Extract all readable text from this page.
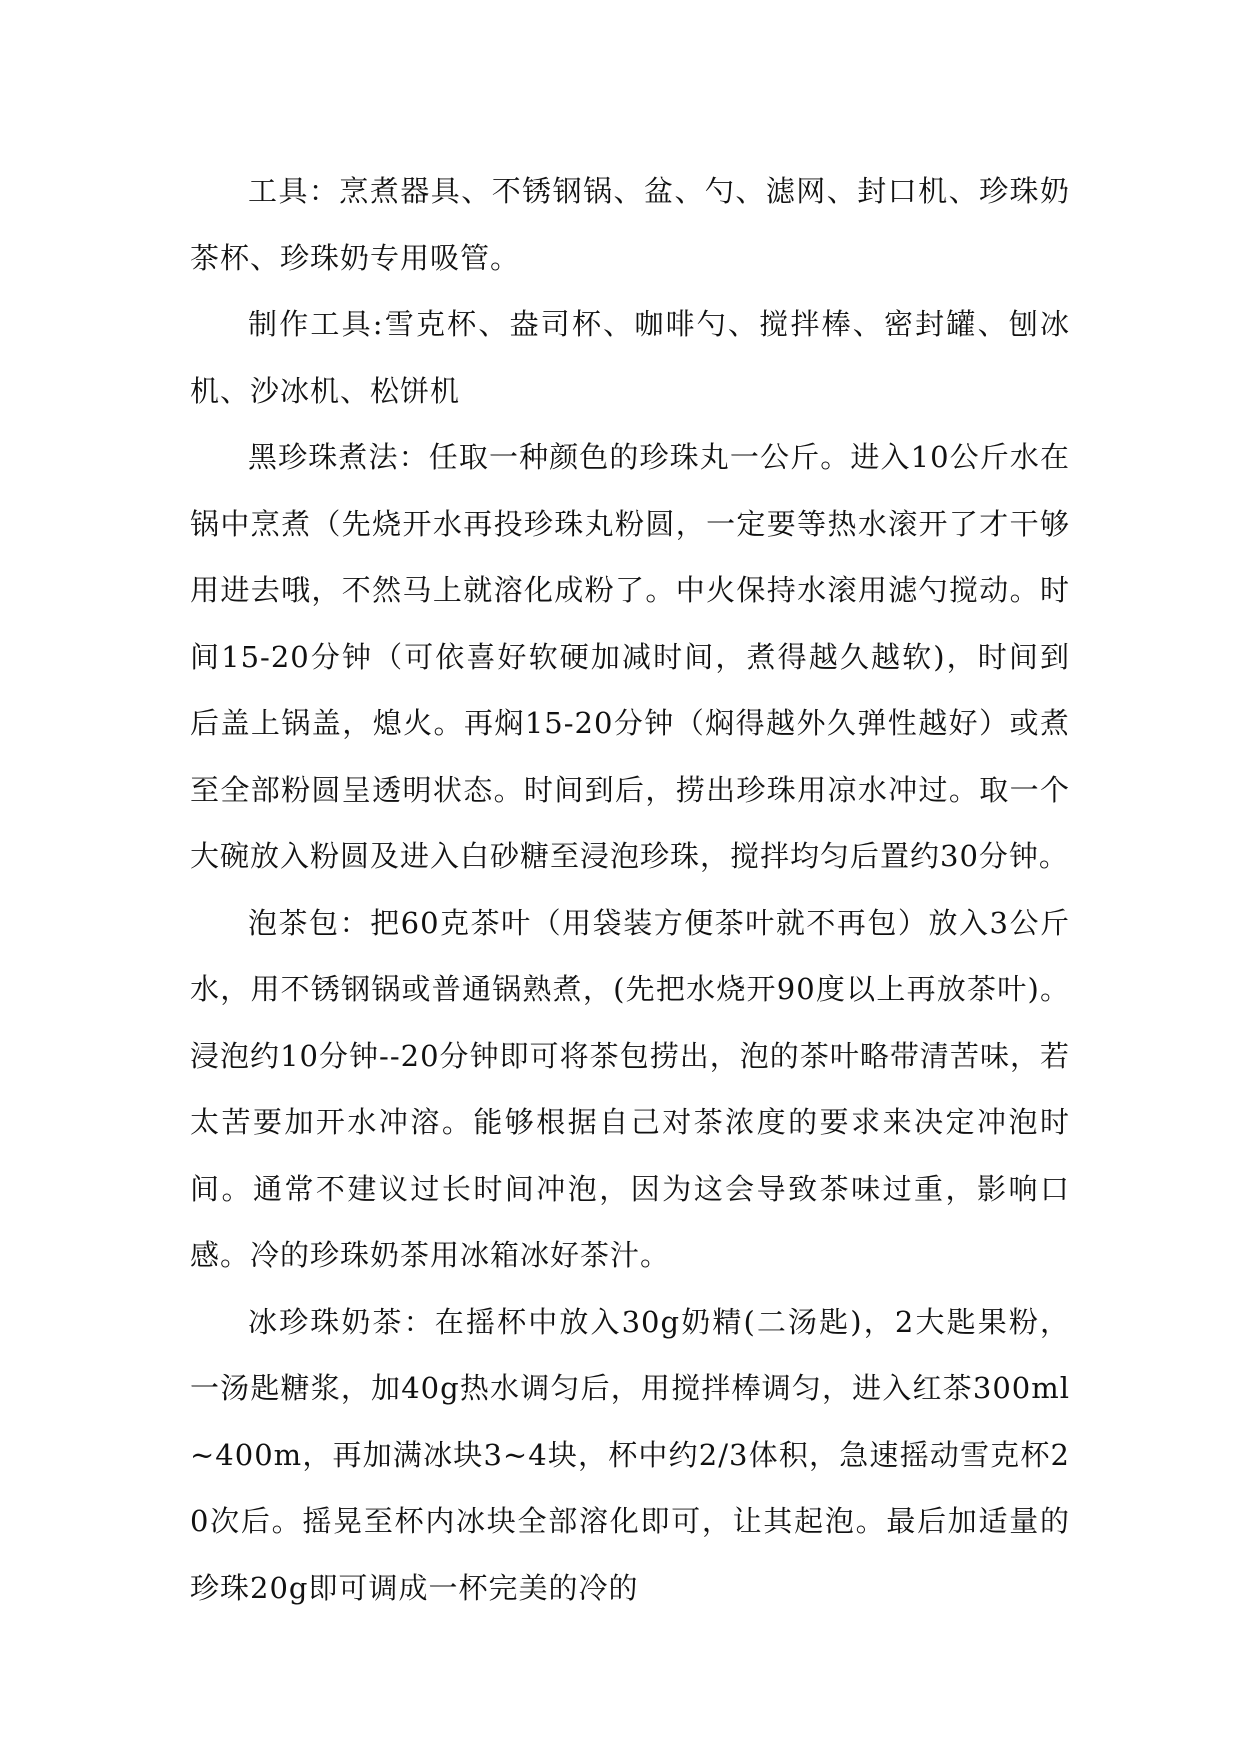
工具：烹煮器具、不锈钢锅、盆、勺、滤网、封口机、珍珠奶茶杯、珍珠奶专用吸管。

制作工具:雪克杯、盎司杯、咖啡勺、搅拌棒、密封罐、刨冰机、沙冰机、松饼机

黑珍珠煮法：任取一种颜色的珍珠丸一公斤。进入10公斤水在锅中烹煮（先烧开水再投珍珠丸粉圆，一定要等热水滚开了才干够用进去哦，不然马上就溶化成粉了。中火保持水滚用滤勺搅动。时间15-20分钟（可依喜好软硬加减时间，煮得越久越软)，时间到后盖上锅盖，熄火。再焖15-20分钟（焖得越外久弹性越好）或煮至全部粉圆呈透明状态。时间到后，捞出珍珠用凉水冲过。取一个大碗放入粉圆及进入白砂糖至浸泡珍珠，搅拌均匀后置约30分钟。

泡茶包：把60克茶叶（用袋装方便茶叶就不再包）放入3公斤水，用不锈钢锅或普通锅熟煮，(先把水烧开90度以上再放茶叶)。浸泡约10分钟--20分钟即可将茶包捞出，泡的茶叶略带清苦味，若太苦要加开水冲溶。能够根据自己对茶浓度的要求来决定冲泡时间。通常不建议过长时间冲泡，因为这会导致茶味过重，影响口感。冷的珍珠奶茶用冰箱冰好茶汁。

冰珍珠奶茶：在摇杯中放入30g奶精(二汤匙)，2大匙果粉，一汤匙糖浆，加40g热水调匀后，用搅拌棒调匀，进入红茶300ml~400m，再加满冰块3~4块，杯中约2/3体积，急速摇动雪克杯20次后。摇晃至杯内冰块全部溶化即可，让其起泡。最后加适量的珍珠20g即可调成一杯完美的冷的
